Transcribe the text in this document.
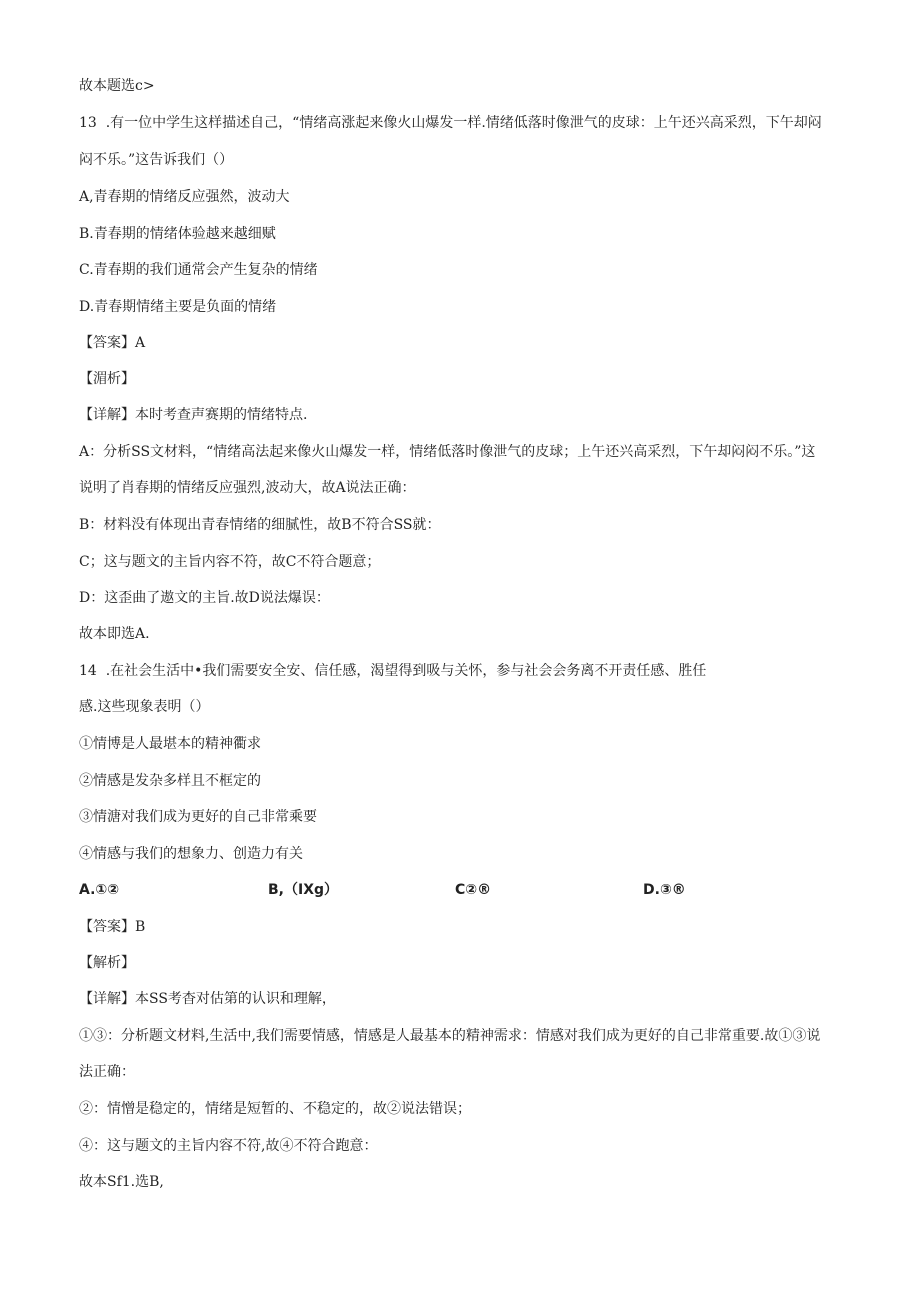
故本题选c>
13  .有一位中学生这样描述自己，“情绪高涨起来像火山爆发一样.情绪低落时像泄气的皮球：上午还兴高采烈，下午却闷
闷不乐。”这告诉我们（）
A,青春期的情绪反应强然，波动大
B.青春期的情绪体验越来越细赋
C.青春期的我们通常会产生复杂的情绪
D.青春期情绪主要是负面的情绪
【答案】A
【湄析】
【详解】本时考查声赛期的情绪特点.
A：分析SS文材料，“情绪高法起来像火山爆发一样，情绪低落时像泄气的皮球；上午还兴高采烈，下午却闷闷不乐。”这
说明了肖春期的情绪反应强烈,波动大，故A说法正确：
B：材料没有体现出青春情绪的细腻性，故B不符合SS就：
C；这与题文的主旨内容不符，故C不符合题意；
D：这歪曲了遨文的主旨.故D说法爆误：
故本即选A.
14  .在社会生活中•我们需要安全安、信任感，渴望得到吸与关怀，参与社会会务离不开责任感、胜任
感.这些现象表明（）
①情博是人最堪本的精神衢求
②情感是发杂多样且不框定的
③情溏对我们成为更好的自己非常乘要
④情感与我们的想象力、创造力有关
A.①②	B,（IXg）	C②®	D.③®
【答案】B
【解析】
【详解】本SS考杳对估第的认识和理解，
①③：分析题文材料,生活中,我们需要情感，情感是人最基本的精神需求：情感对我们成为更好的自己非常重要.故①③说
法正确：
②：情憎是稳定的，情绪是短暂的、不稳定的，故②说法错误；
④：这与题文的主旨内容不符,故④不符合跑意：
故本Sf1.选B,
